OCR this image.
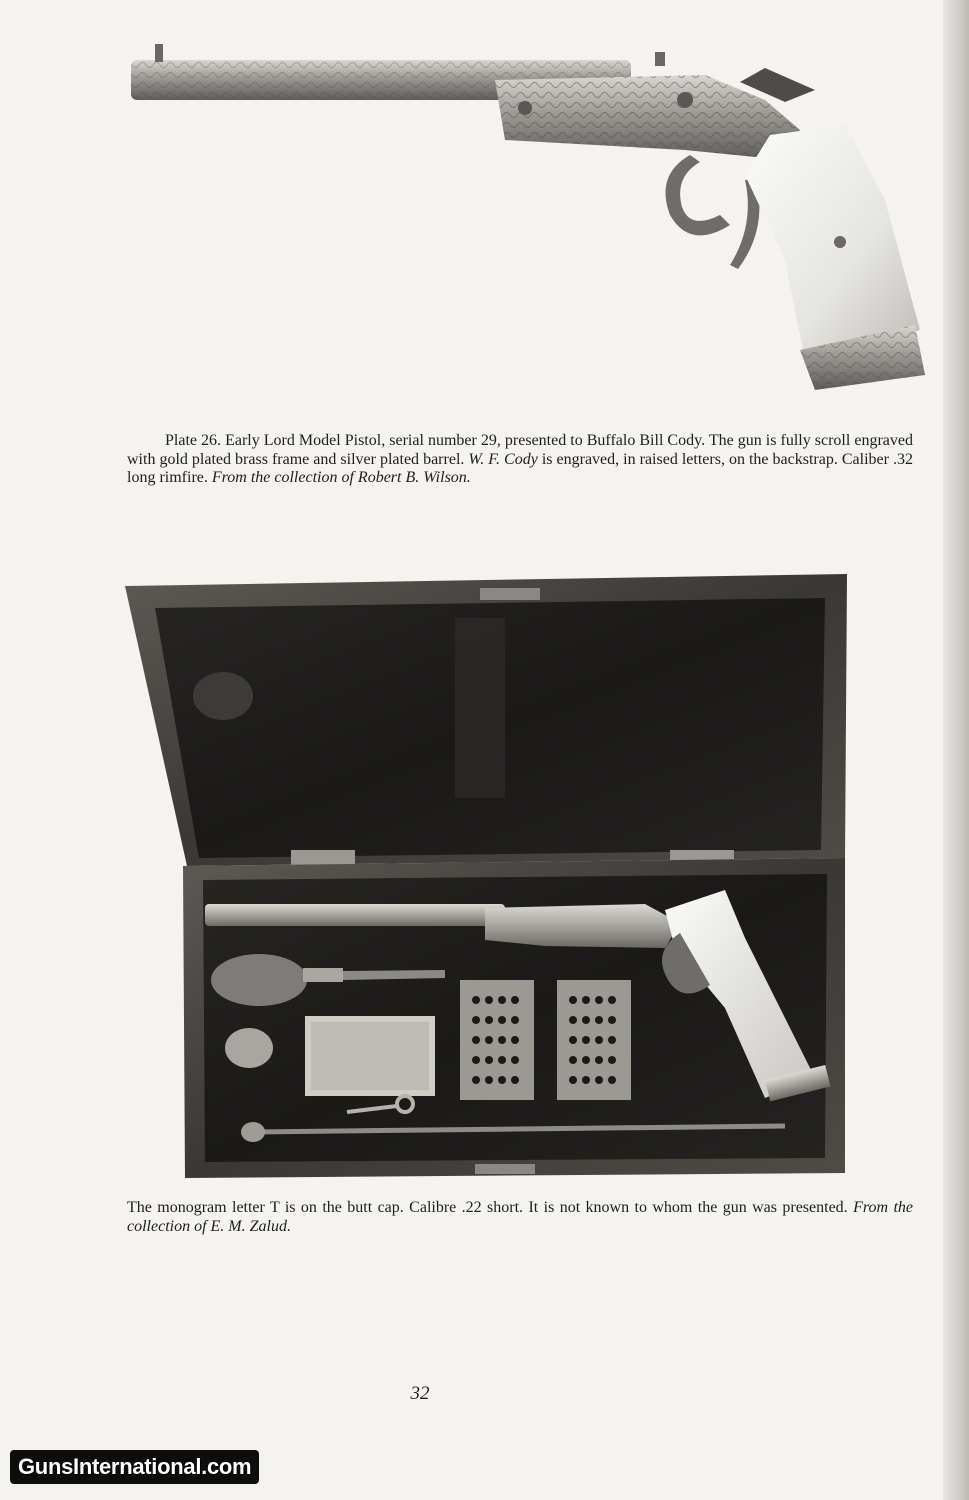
Plate 26. Early Lord Model Pistol, serial number 29, presented to Buffalo Bill Cody. The gun is fully scroll engraved with gold plated brass frame and silver plated barrel. W. F. Cody is engraved, in raised letters, on the backstrap. Caliber .32 long rimfire. From the collection of Robert B. Wilson.

The monogram letter T is on the butt cap. Calibre .22 short. It is not known to whom the gun was presented. From the collection of E. M. Zalud.

32
GunsInternational.com
